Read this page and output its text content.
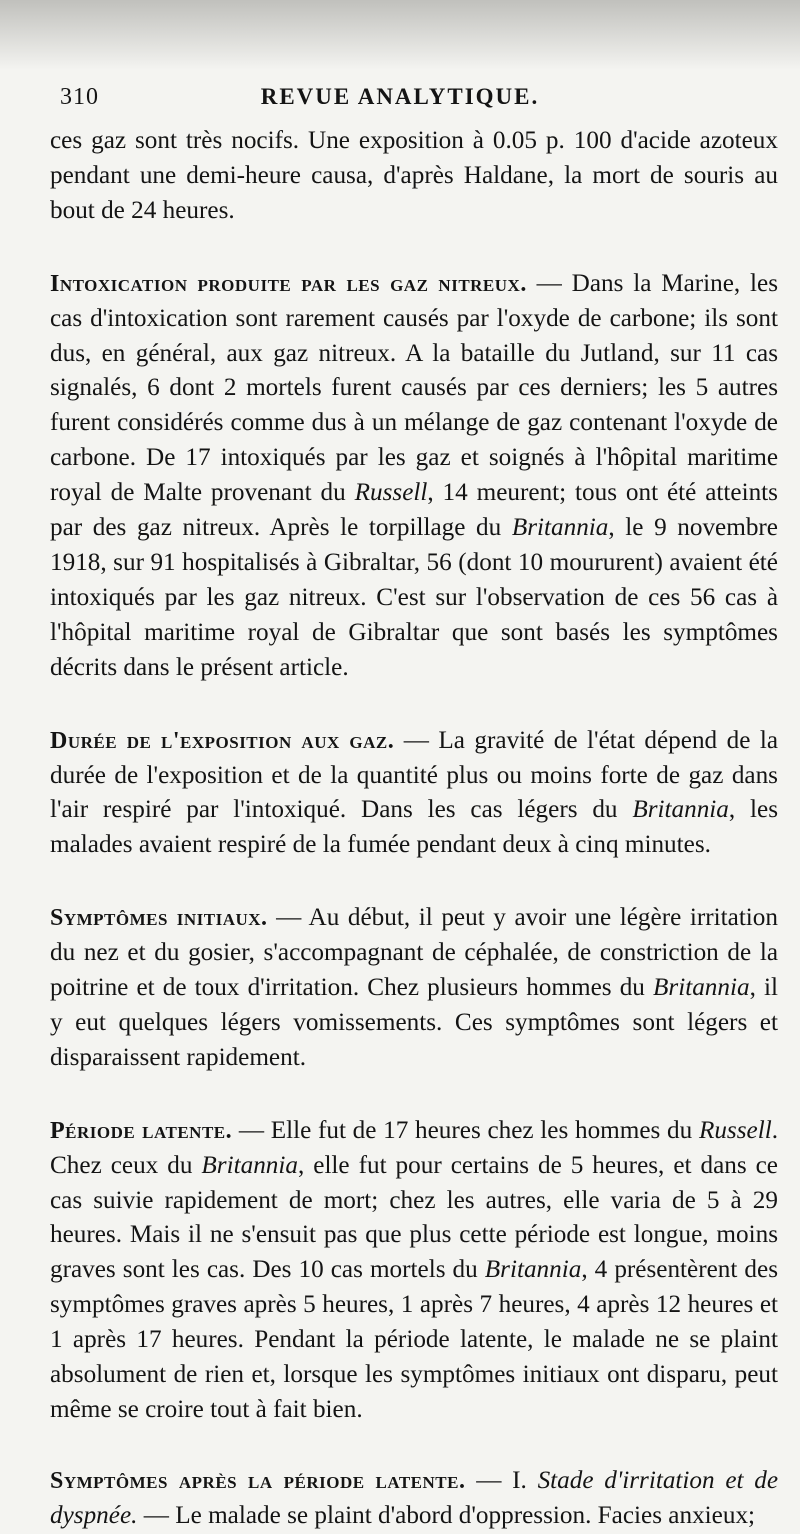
310	REVUE ANALYTIQUE.

ces gaz sont très nocifs. Une exposition à 0.05 p. 100 d'acide azoteux pendant une demi-heure causa, d'après Haldane, la mort de souris au bout de 24 heures.

Intoxication produite par les gaz nitreux. — Dans la Marine, les cas d'intoxication sont rarement causés par l'oxyde de carbone; ils sont dus, en général, aux gaz nitreux. A la bataille du Jutland, sur 11 cas signalés, 6 dont 2 mortels furent causés par ces derniers; les 5 autres furent considérés comme dus à un mélange de gaz contenant l'oxyde de carbone. De 17 intoxiqués par les gaz et soignés à l'hôpital maritime royal de Malte provenant du Russell, 14 meurent; tous ont été atteints par des gaz nitreux. Après le torpillage du Britannia, le 9 novembre 1918, sur 91 hospitalisés à Gibraltar, 56 (dont 10 moururent) avaient été intoxiqués par les gaz nitreux. C'est sur l'observation de ces 56 cas à l'hôpital maritime royal de Gibraltar que sont basés les symptômes décrits dans le présent article.

Durée de l'exposition aux gaz. — La gravité de l'état dépend de la durée de l'exposition et de la quantité plus ou moins forte de gaz dans l'air respiré par l'intoxiqué. Dans les cas légers du Britannia, les malades avaient respiré de la fumée pendant deux à cinq minutes.

Symptômes initiaux. — Au début, il peut y avoir une légère irritation du nez et du gosier, s'accompagnant de céphalée, de constriction de la poitrine et de toux d'irritation. Chez plusieurs hommes du Britannia, il y eut quelques légers vomissements. Ces symptômes sont légers et disparaissent rapidement.

Période latente. — Elle fut de 17 heures chez les hommes du Russell. Chez ceux du Britannia, elle fut pour certains de 5 heures, et dans ce cas suivie rapidement de mort; chez les autres, elle varia de 5 à 29 heures. Mais il ne s'ensuit pas que plus cette période est longue, moins graves sont les cas. Des 10 cas mortels du Britannia, 4 présentèrent des symptômes graves après 5 heures, 1 après 7 heures, 4 après 12 heures et 1 après 17 heures. Pendant la période latente, le malade ne se plaint absolument de rien et, lorsque les symptômes initiaux ont disparu, peut même se croire tout à fait bien.

Symptômes après la période latente. — I. Stade d'irritation et de dyspnée. — Le malade se plaint d'abord d'oppression. Facies anxieux;
